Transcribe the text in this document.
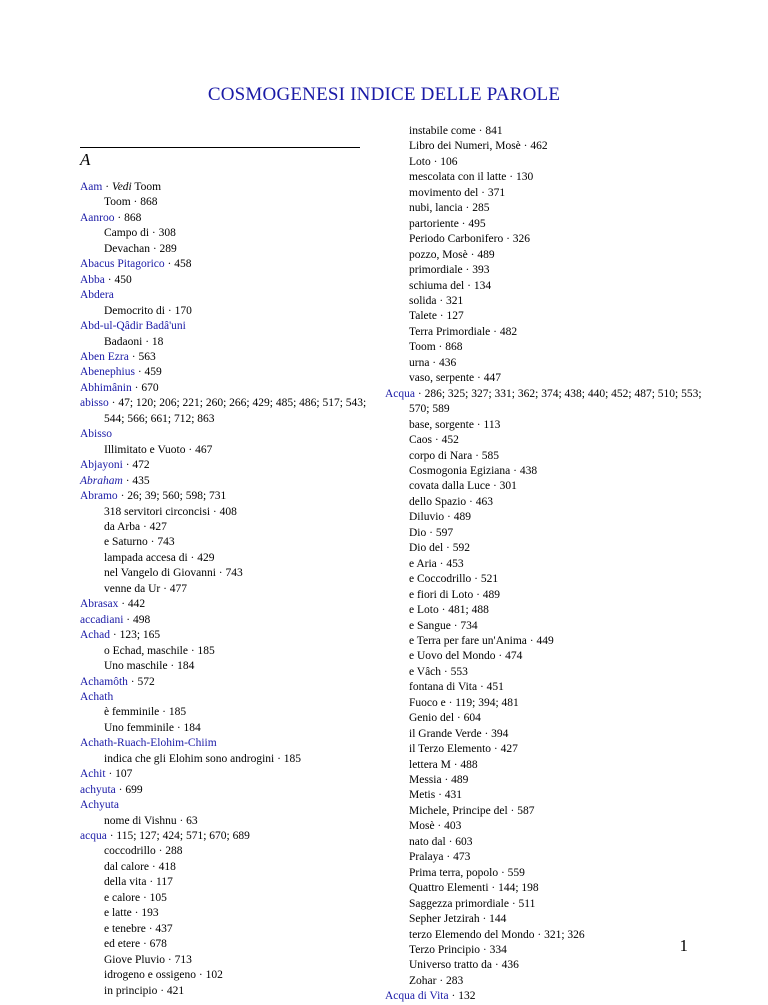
COSMOGENESI INDICE DELLE PAROLE
A
Aam · Vedi Toom
Toom · 868
Aanroo · 868
Campo di · 308
Devachan · 289
Abacus Pitagorico · 458
Abba · 450
Abdera
Democrito di · 170
Abd-ul-Qâdir Badâ'uni
Badaoni · 18
Aben Ezra · 563
Abenephius · 459
Abhimânin · 670
abisso · 47; 120; 206; 221; 260; 266; 429; 485; 486; 517; 543; 544; 566; 661; 712; 863
Abisso
Illimitato e Vuoto · 467
Abjayoni · 472
Abraham · 435
Abramo · 26; 39; 560; 598; 731
318 servitori circoncisi · 408
da Arba · 427
e Saturno · 743
lampada accesa di · 429
nel Vangelo di Giovanni · 743
venne da Ur · 477
Abrasax · 442
accadiani · 498
Achad · 123; 165
o Echad, maschile · 185
Uno maschile · 184
Achamôth · 572
Achath
è femminile · 185
Uno femminile · 184
Achath-Ruach-Elohim-Chiim
indica che gli Elohim sono androgini · 185
Achit · 107
achyuta · 699
Achyuta
nome di Vishnu · 63
acqua · 115; 127; 424; 571; 670; 689
coccodrillo · 288
dal calore · 418
della vita · 117
e calore · 105
e latte · 193
e tenebre · 437
ed etere · 678
Giove Pluvio · 713
idrogeno e ossigeno · 102
in principio · 421
instabile come · 841
Libro dei Numeri, Mosè · 462
Loto · 106
mescolata con il latte · 130
movimento del · 371
nubi, lancia · 285
partoriente · 495
Periodo Carbonifero · 326
pozzo, Mosè · 489
primordiale · 393
schiuma del · 134
solida · 321
Talete · 127
Terra Primordiale · 482
Toom · 868
urna · 436
vaso, serpente · 447
Acqua · 286; 325; 327; 331; 362; 374; 438; 440; 452; 487; 510; 553; 570; 589
base, sorgente · 113
Caos · 452
corpo di Nara · 585
Cosmogonia Egiziana · 438
covata dalla Luce · 301
dello Spazio · 463
Diluvio · 489
Dio · 597
Dio del · 592
e Aria · 453
e Coccodrillo · 521
e fiori di Loto · 489
e Loto · 481; 488
e Sangue · 734
e Terra per fare un'Anima · 449
e Uovo del Mondo · 474
e Vâch · 553
fontana di Vita · 451
Fuoco e · 119; 394; 481
Genio del · 604
il Grande Verde · 394
il Terzo Elemento · 427
lettera M · 488
Messia · 489
Metis · 431
Michele, Principe del · 587
Mosè · 403
nato dal · 603
Pralaya · 473
Prima terra, popolo · 559
Quattro Elementi · 144; 198
Saggezza primordiale · 511
Sepher Jetzirah · 144
terzo Elemendo del Mondo · 321; 326
Terzo Principio · 334
Universo tratto da · 436
Zohar · 283
Acqua di Vita · 132
1
